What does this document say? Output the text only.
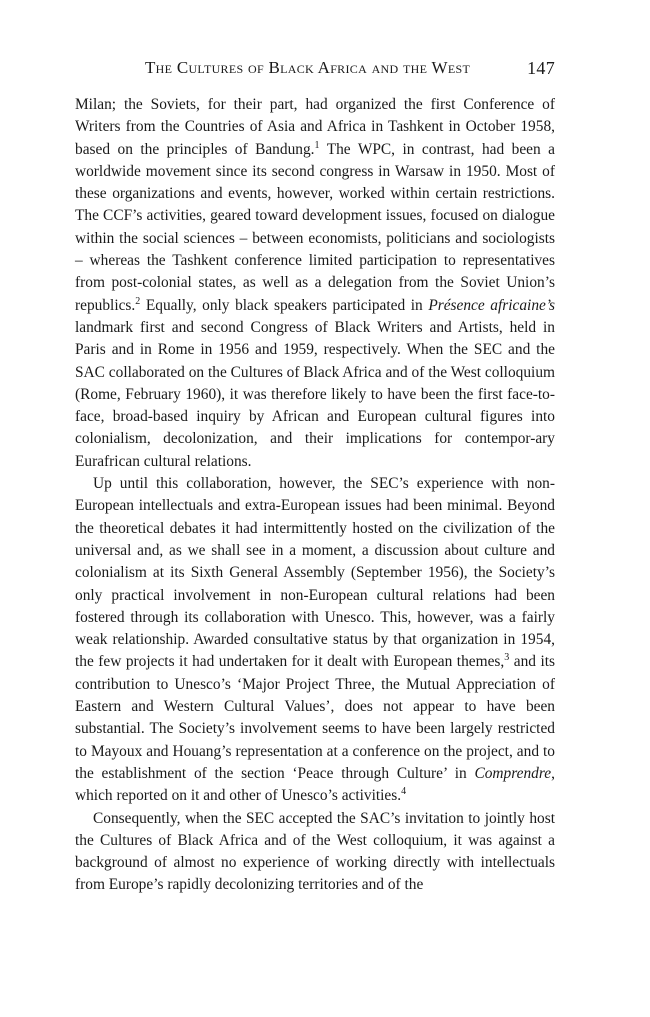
The Cultures of Black Africa and the West	147

Milan; the Soviets, for their part, had organized the first Conference of Writers from the Countries of Asia and Africa in Tashkent in October 1958, based on the principles of Bandung.$^1$ The WPC, in contrast, had been a worldwide movement since its second congress in Warsaw in 1950. Most of these organizations and events, however, worked within certain restrictions. The CCF’s activities, geared toward development issues, focused on dialogue within the social sciences – between economists, politicians and sociologists – whereas the Tashkent conference limited participation to representatives from post-colonial states, as well as a delegation from the Soviet Union’s republics.$^2$ Equally, only black speakers participated in Présence africaine’s landmark first and second Congress of Black Writers and Artists, held in Paris and in Rome in 1956 and 1959, respectively. When the SEC and the SAC collaborated on the Cultures of Black Africa and of the West colloquium (Rome, February 1960), it was therefore likely to have been the first face-to-face, broad-based inquiry by African and European cultural figures into colonialism, decolonization, and their implications for contempor-ary Eurafrican cultural relations.

Up until this collaboration, however, the SEC’s experience with non-European intellectuals and extra-European issues had been minimal. Beyond the theoretical debates it had intermittently hosted on the civilization of the universal and, as we shall see in a moment, a discussion about culture and colonialism at its Sixth General Assembly (September 1956), the Society’s only practical involvement in non-European cultural relations had been fostered through its collaboration with Unesco. This, however, was a fairly weak relationship. Awarded consultative status by that organization in 1954, the few projects it had undertaken for it dealt with European themes,$^3$ and its contribution to Unesco’s ‘Major Project Three, the Mutual Appreciation of Eastern and Western Cultural Values’, does not appear to have been substantial. The Society’s involvement seems to have been largely restricted to Mayoux and Houang’s representation at a conference on the project, and to the establishment of the section ‘Peace through Culture’ in Comprendre, which reported on it and other of Unesco’s activities.$^4$

Consequently, when the SEC accepted the SAC’s invitation to jointly host the Cultures of Black Africa and of the West colloquium, it was against a background of almost no experience of working directly with intellectuals from Europe’s rapidly decolonizing territories and of the
